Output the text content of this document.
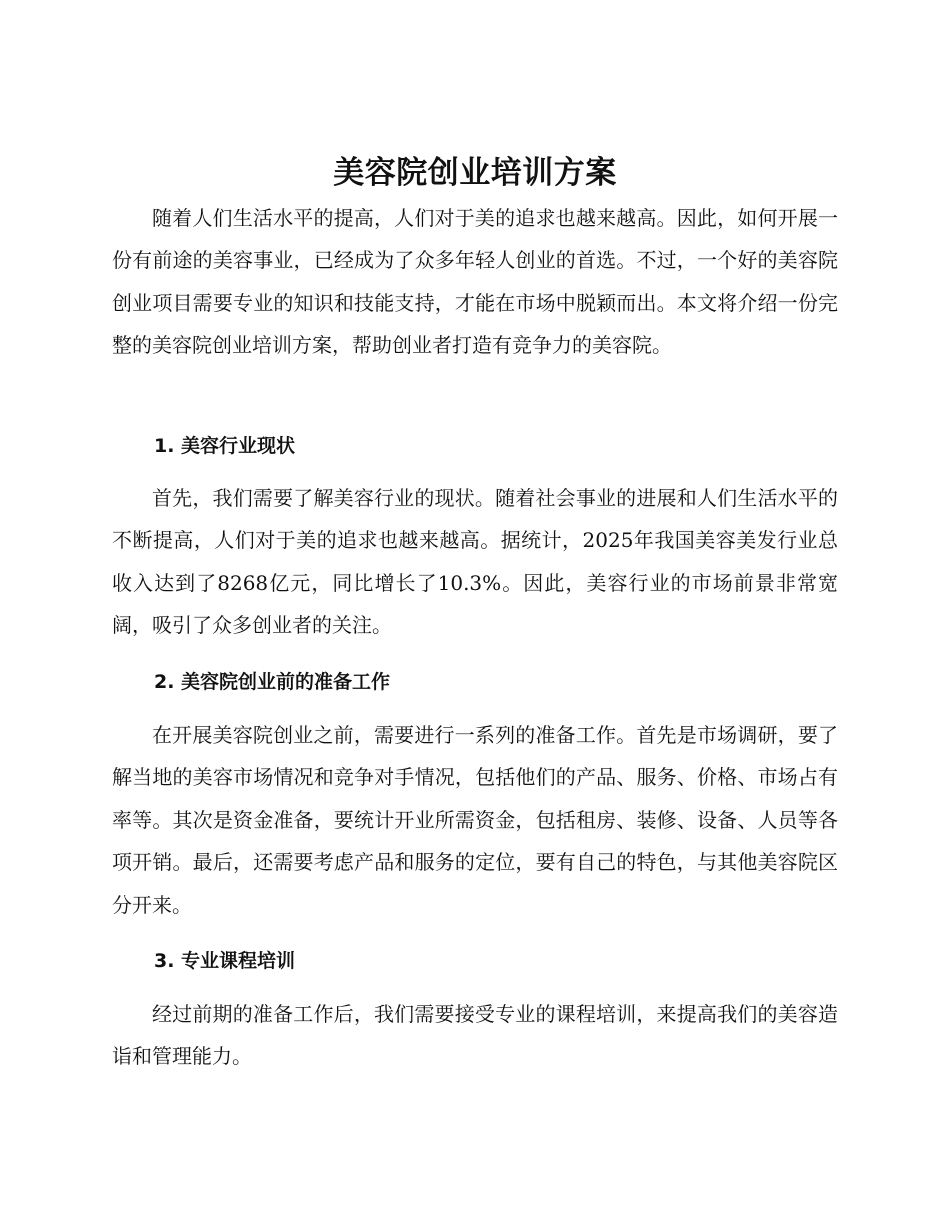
美容院创业培训方案

随着人们生活水平的提高，人们对于美的追求也越来越高。因此，如何开展一份有前途的美容事业，已经成为了众多年轻人创业的首选。不过，一个好的美容院创业项目需要专业的知识和技能支持，才能在市场中脱颖而出。本文将介绍一份完整的美容院创业培训方案，帮助创业者打造有竞争力的美容院。

1. 美容行业现状

首先，我们需要了解美容行业的现状。随着社会事业的进展和人们生活水平的不断提高，人们对于美的追求也越来越高。据统计，2025年我国美容美发行业总收入达到了8268亿元，同比增长了10.3%。因此，美容行业的市场前景非常宽阔，吸引了众多创业者的关注。

2. 美容院创业前的准备工作

在开展美容院创业之前，需要进行一系列的准备工作。首先是市场调研，要了解当地的美容市场情况和竞争对手情况，包括他们的产品、服务、价格、市场占有率等。其次是资金准备，要统计开业所需资金，包括租房、装修、设备、人员等各项开销。最后，还需要考虑产品和服务的定位，要有自己的特色，与其他美容院区分开来。

3. 专业课程培训

经过前期的准备工作后，我们需要接受专业的课程培训，来提高我们的美容造诣和管理能力。
